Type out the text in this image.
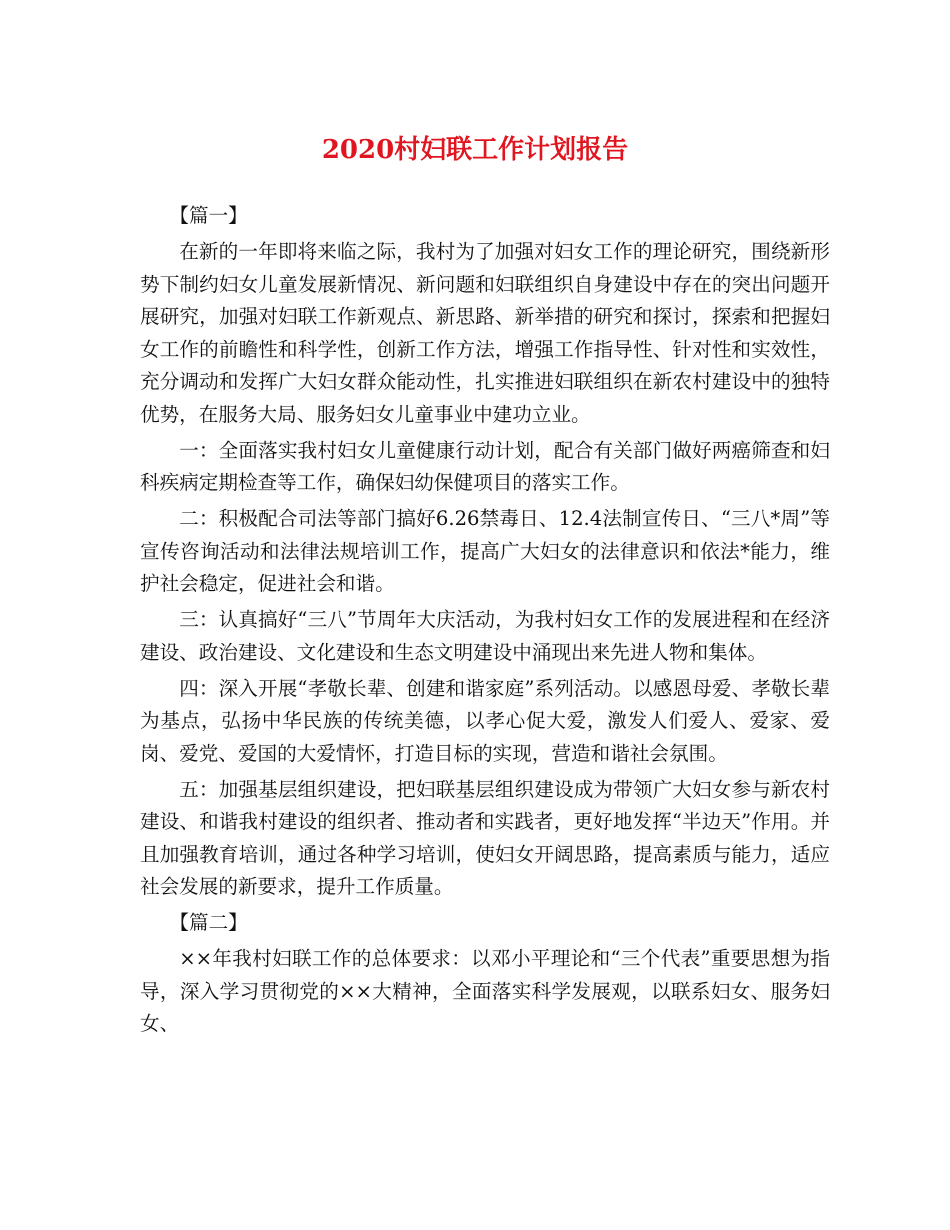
2020村妇联工作计划报告

【篇一】

在新的一年即将来临之际，我村为了加强对妇女工作的理论研究，围绕新形势下制约妇女儿童发展新情况、新问题和妇联组织自身建设中存在的突出问题开展研究，加强对妇联工作新观点、新思路、新举措的研究和探讨，探索和把握妇女工作的前瞻性和科学性，创新工作方法，增强工作指导性、针对性和实效性，充分调动和发挥广大妇女群众能动性，扎实推进妇联组织在新农村建设中的独特优势，在服务大局、服务妇女儿童事业中建功立业。

一：全面落实我村妇女儿童健康行动计划，配合有关部门做好两癌筛查和妇科疾病定期检查等工作，确保妇幼保健项目的落实工作。

二：积极配合司法等部门搞好6.26禁毒日、12.4法制宣传日、“三八*周”等宣传咨询活动和法律法规培训工作，提高广大妇女的法律意识和依法*能力，维护社会稳定，促进社会和谐。

三：认真搞好“三八”节周年大庆活动，为我村妇女工作的发展进程和在经济建设、政治建设、文化建设和生态文明建设中涌现出来先进人物和集体。

四：深入开展“孝敬长辈、创建和谐家庭”系列活动。以感恩母爱、孝敬长辈为基点，弘扬中华民族的传统美德，以孝心促大爱，激发人们爱人、爱家、爱岗、爱党、爱国的大爱情怀，打造目标的实现，营造和谐社会氛围。

五：加强基层组织建设，把妇联基层组织建设成为带领广大妇女参与新农村建设、和谐我村建设的组织者、推动者和实践者，更好地发挥“半边天”作用。并且加强教育培训，通过各种学习培训，使妇女开阔思路，提高素质与能力，适应社会发展的新要求，提升工作质量。

【篇二】

××年我村妇联工作的总体要求：以邓小平理论和“三个代表”重要思想为指导，深入学习贯彻党的××大精神，全面落实科学发展观，以联系妇女、服务妇女、
